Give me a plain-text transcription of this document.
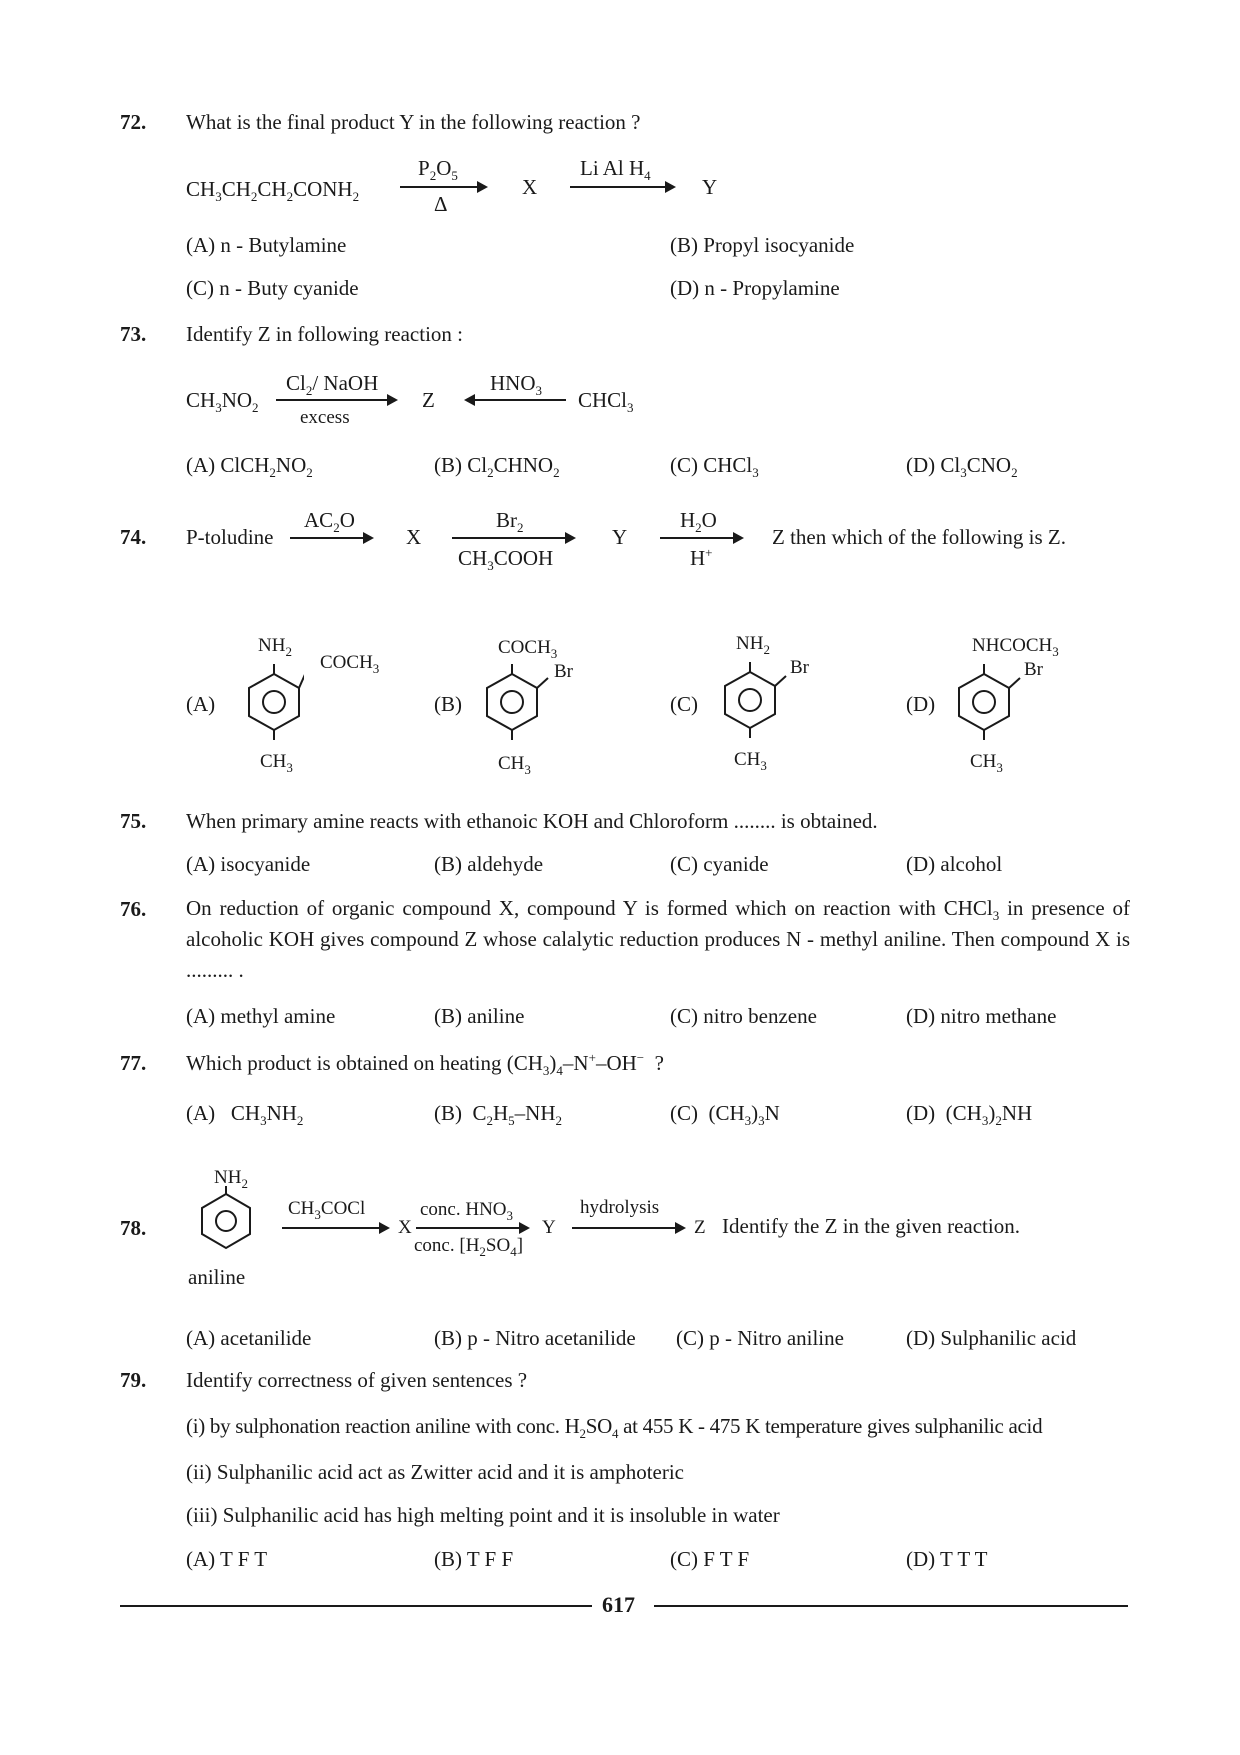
72. What is the final product Y in the following reaction ?
$CH_3CH_2CH_2CONH_2$
$P_2O_5$
Δ
X
Li Al $H_4$ Y
(A) n - Butylamine	(B) Propyl isocyanide
(C) n - Buty cyanide	(D) n - Propylamine
73. Identify Z in following reaction :
$CH_3NO_2$
$Cl_2/$ NaOH
excess
Z
$HNO_3$ CHCl$_3$
(A) $ClCH_2NO_2$	(B) $Cl_2CHNO_2$	(C) CHCl$_3$	(D) $Cl_3CNO_2$
74. P-toludine
$AC_2O$
X
$Br_2$
$CH_3COOH$
Y
$H_2O$
H+
Z then which of the following is Z.
(A)
$NH_2$
$COCH_3$
$CH_3$
(B)
$COCH_3$
Br
$CH_3$
(C)
$NH_2$
Br
$CH_3$
(D)
$NHCOCH_3$
Br
$CH_3$
75. When primary amine reacts with ethanoic KOH and Chloroform ........ is obtained.
(A) isocyanide	(B) aldehyde	(C) cyanide	(D) alcohol
76. On reduction of organic compound X, compound Y is formed which on reaction with CHCl$_3$ in presence of alcoholic KOH gives compound Z whose calalytic reduction produces N - methyl aniline. Then compound X is ......... .
(A) methyl amine	(B) aniline	(C) nitro benzene	(D) nitro methane
77. Which product is obtained on heating $(CH_3)_4-N^+-OH^-$  ?
(A)   $CH_3NH_2$	(B)  $C_2H_5-NH_2$	(C)  $(CH_3)_3N$	(D)  $(CH_3)_2NH$
78.
$NH_2$
aniline
$CH_3COCl$
X
conc. $HNO_3$
conc. $[H_2SO_4]$
Y
hydrolysis
Z Identify the Z in the given reaction.
(A) acetanilide	(B) p - Nitro acetanilide (C) p - Nitro aniline	(D) Sulphanilic acid
79. Identify correctness of given sentences ?
(i) by sulphonation reaction aniline with conc. $H_2SO_4$ at 455 K - 475 K temperature gives sulphanilic acid
(ii) Sulphanilic acid act as Zwitter acid and it is amphoteric
(iii) Sulphanilic acid has high melting point and it is insoluble in water
(A) T F T	(B) T F F	(C) F T F	(D) T T T
617
